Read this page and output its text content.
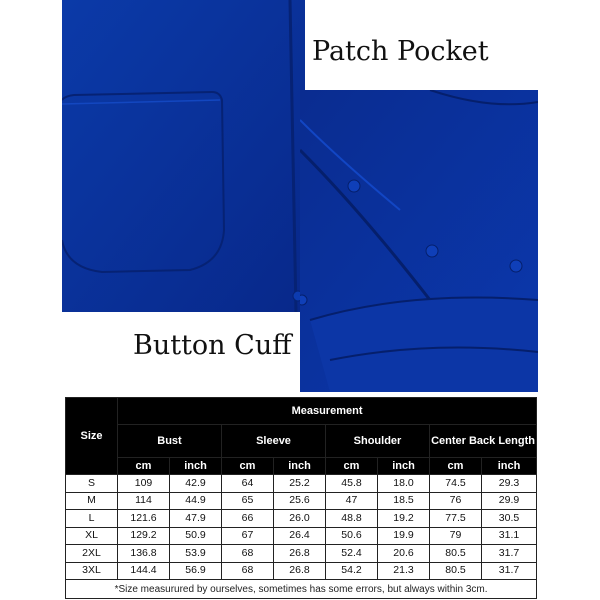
Patch Pocket
Button Cuff
Size	Measurement							
	Bust		Sleeve		Shoulder		Center Back Length	
	cm	inch	cm	inch	cm	inch	cm	inch
S	109	42.9	64	25.2	45.8	18.0	74.5	29.3
M	114	44.9	65	25.6	47	18.5	76	29.9
L	121.6	47.9	66	26.0	48.8	19.2	77.5	30.5
XL	129.2	50.9	67	26.4	50.6	19.9	79	31.1
2XL	136.8	53.9	68	26.8	52.4	20.6	80.5	31.7
3XL	144.4	56.9	68	26.8	54.2	21.3	80.5	31.7
*Size measurured by ourselves, sometimes has some errors, but always within 3cm.								
